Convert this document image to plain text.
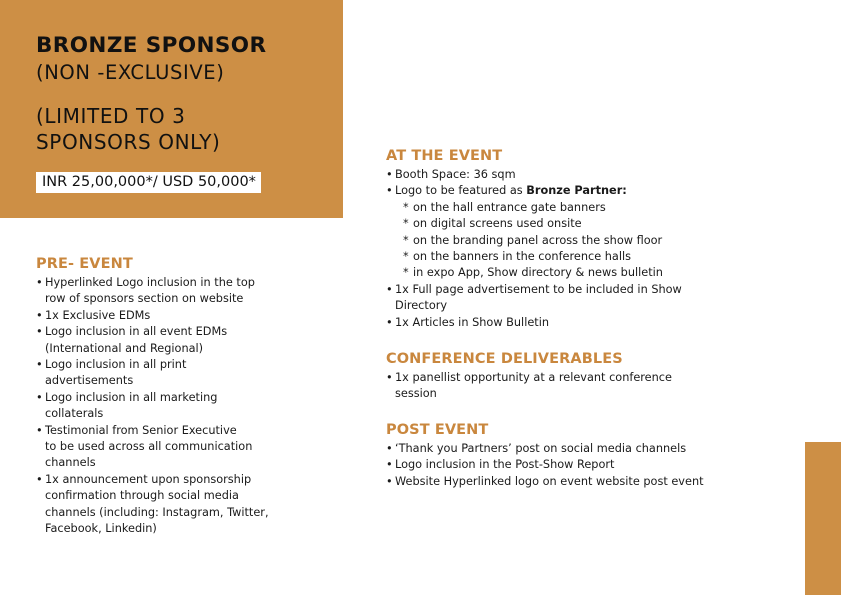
BRONZE SPONSOR
(NON -EXCLUSIVE)
(LIMITED TO 3
SPONSORS ONLY)
INR 25,00,000*/ USD 50,000*
PRE- EVENT
• Hyperlinked Logo inclusion in the top
row of sponsors section on website
• 1x Exclusive EDMs
• Logo inclusion in all event EDMs
(International and Regional)
• Logo inclusion in all print
advertisements
• Logo inclusion in all marketing
collaterals
• Testimonial from Senior Executive
to be used across all communication
channels
• 1x announcement upon sponsorship
confirmation through social media
channels (including: Instagram, Twitter,
Facebook, Linkedin)
AT THE EVENT
• Booth Space: 36 sqm
• Logo to be featured as Bronze Partner:
* on the hall entrance gate banners
* on digital screens used onsite
* on the branding panel across the show floor
* on the banners in the conference halls
* in expo App, Show directory & news bulletin
• 1x Full page advertisement to be included in Show
Directory
• 1x Articles in Show Bulletin
CONFERENCE DELIVERABLES
• 1x panellist opportunity at a relevant conference
session
POST EVENT
• ‘Thank you Partners’ post on social media channels
• Logo inclusion in the Post-Show Report
• Website Hyperlinked logo on event website post event
